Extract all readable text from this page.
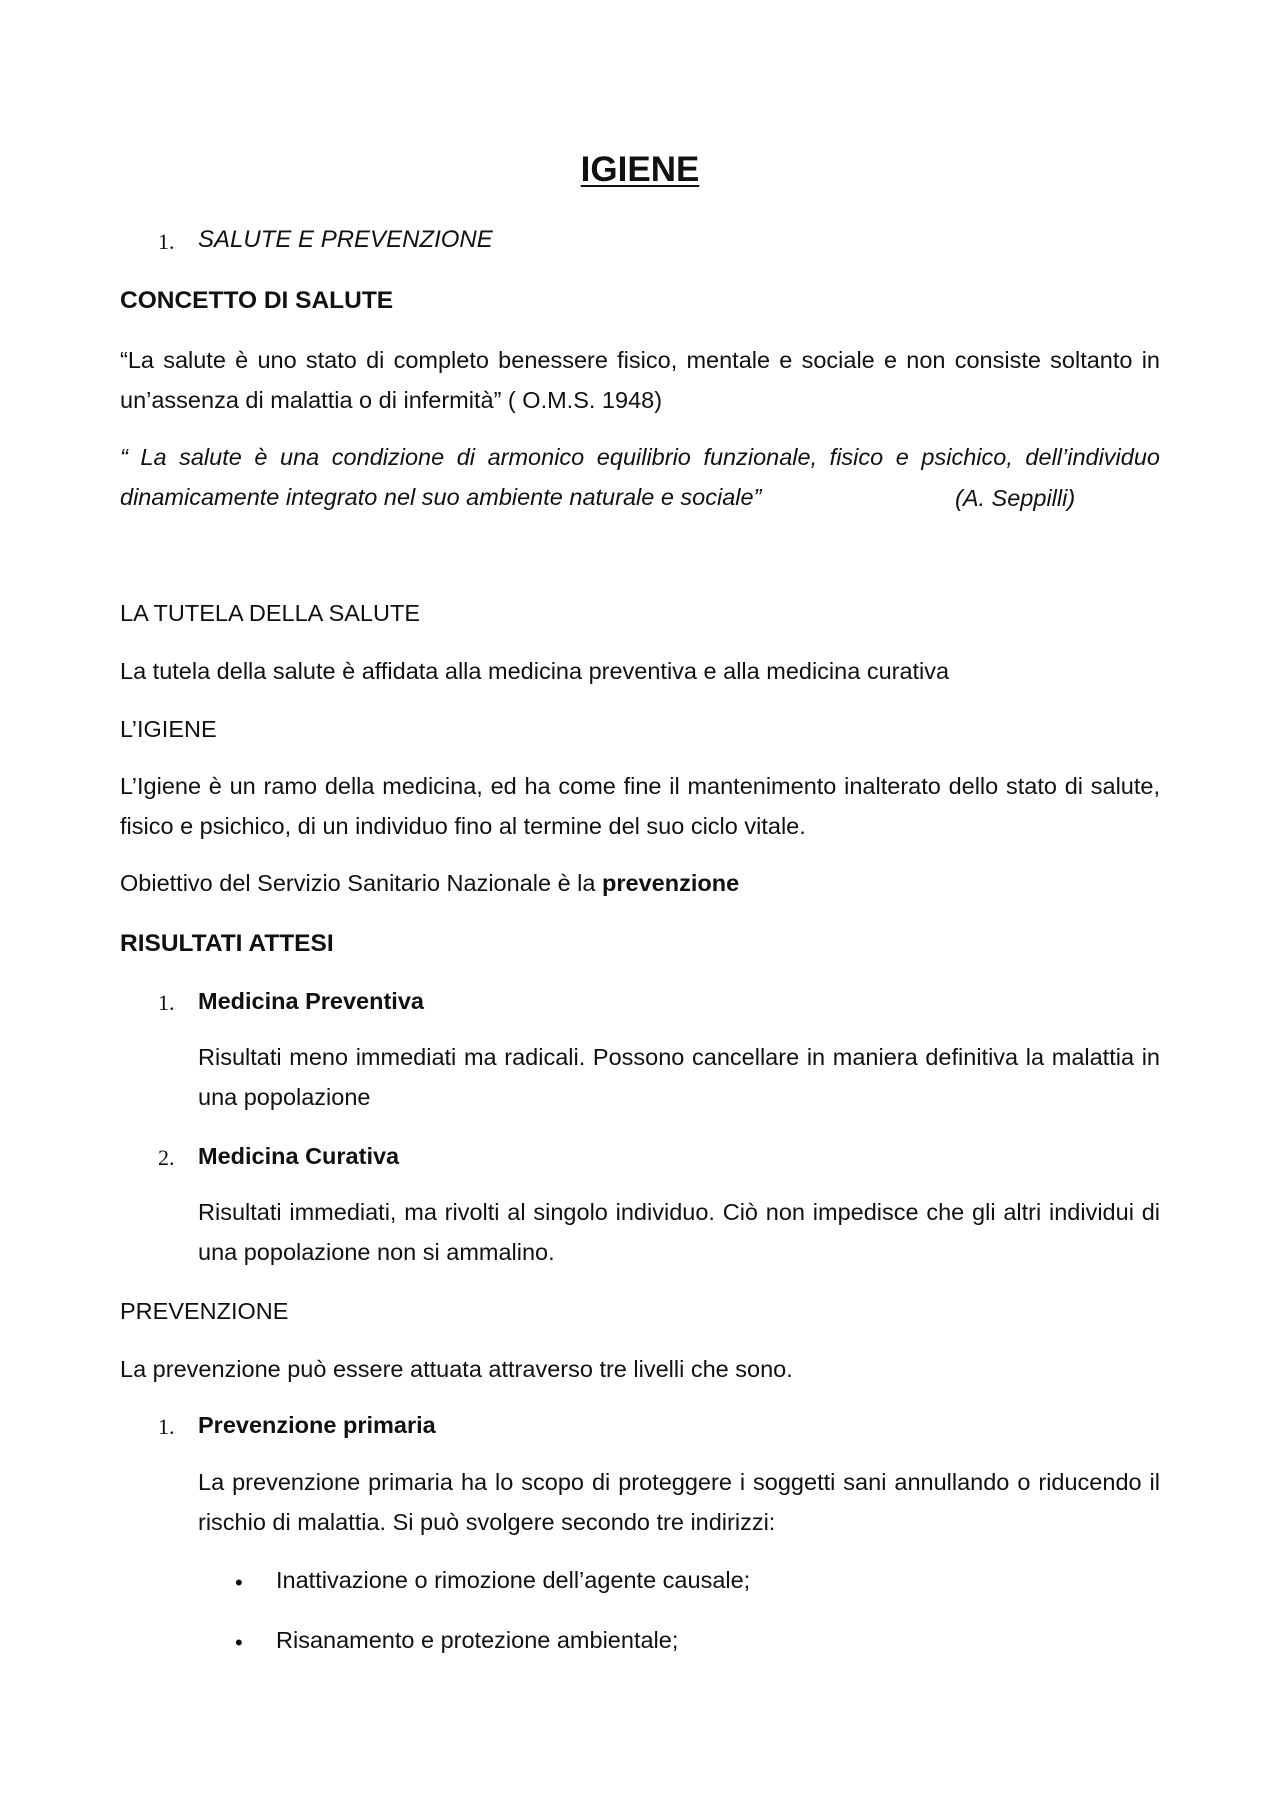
IGIENE
1. SALUTE E PREVENZIONE
CONCETTO DI SALUTE

“La salute è uno stato di completo benessere fisico, mentale e sociale e non consiste soltanto in un’assenza di malattia o di infermità” ( O.M.S. 1948)

“ La salute è una condizione di armonico equilibrio funzionale, fisico e psichico, dell’individuo dinamicamente integrato nel suo ambiente naturale e sociale”	(A. Seppilli)
LA TUTELA DELLA SALUTE
La tutela della salute è affidata alla medicina preventiva e alla medicina curativa
L’IGIENE

L’Igiene è un ramo della medicina, ed ha come fine il mantenimento inalterato dello stato di salute, fisico e psichico, di un individuo fino al termine del suo ciclo vitale.

Obiettivo del Servizio Sanitario Nazionale è la prevenzione
RISULTATI ATTESI
1. Medicina Preventiva

Risultati meno immediati ma radicali. Possono cancellare in maniera definitiva la malattia in una popolazione

2. Medicina Curativa

Risultati immediati, ma rivolti al singolo individuo. Ciò non impedisce che gli altri individui di una popolazione non si ammalino.

PREVENZIONE
La prevenzione può essere attuata attraverso tre livelli che sono.
1. Prevenzione primaria

La prevenzione primaria ha lo scopo di proteggere i soggetti sani annullando o riducendo il rischio di malattia. Si può svolgere secondo tre indirizzi:

• Inattivazione o rimozione dell’agente causale;
• Risanamento e protezione ambientale;
